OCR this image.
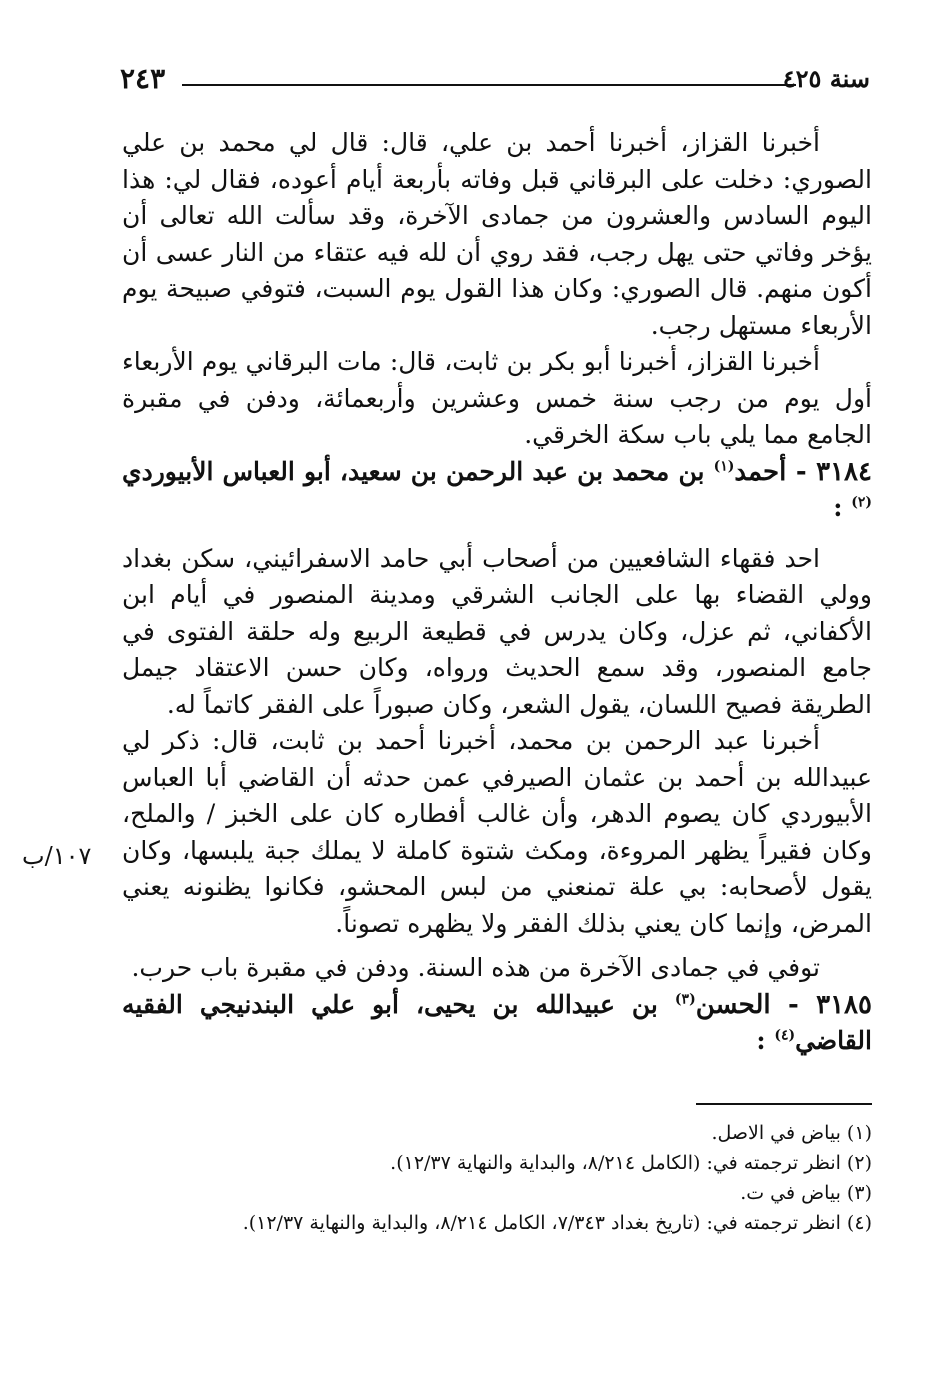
٢٤٣	سنة ٤٢٥

أخبرنا القزاز، أخبرنا أحمد بن علي، قال: قال لي محمد بن علي الصوري: دخلت على البرقاني قبل وفاته بأربعة أيام أعوده، فقال لي: هذا اليوم السادس والعشرون من جمادى الآخرة، وقد سألت الله تعالى أن يؤخر وفاتي حتى يهل رجب، فقد روي أن لله فيه عتقاء من النار عسى أن أكون منهم. قال الصوري: وكان هذا القول يوم السبت، فتوفي صبيحة يوم الأربعاء مستهل رجب.

أخبرنا القزاز، أخبرنا أبو بكر بن ثابت، قال: مات البرقاني يوم الأربعاء أول يوم من رجب سنة خمس وعشرين وأربعمائة، ودفن في مقبرة الجامع مما يلي باب سكة الخرقي.

٣١٨٤ - أحمد$^{(١)}$ بن محمد بن عبد الرحمن بن سعيد، أبو العباس الأبيوردي $^{(٢)}$ :

احد فقهاء الشافعيين من أصحاب أبي حامد الاسفرائيني، سكن بغداد وولي القضاء بها على الجانب الشرقي ومدينة المنصور في أيام ابن الأكفاني، ثم عزل، وكان يدرس في قطيعة الربيع وله حلقة الفتوى في جامع المنصور، وقد سمع الحديث ورواه، وكان حسن الاعتقاد جيمل الطريقة فصيح اللسان، يقول الشعر، وكان صبوراً على الفقر كاتماً له.

أخبرنا عبد الرحمن بن محمد، أخبرنا أحمد بن ثابت، قال: ذكر لي عبيدالله بن أحمد بن عثمان الصيرفي عمن حدثه أن القاضي أبا العباس الأبيوردي كان يصوم الدهر، وأن غالب أفطاره كان على الخبز / والملح، وكان فقيراً يظهر المروءة، ومكث شتوة كاملة لا يملك جبة يلبسها، وكان يقول لأصحابه: بي علة تمنعني من لبس المحشو، فكانوا يظنونه يعني المرض، وإنما كان يعني بذلك الفقر ولا يظهره تصوناً.

توفي في جمادى الآخرة من هذه السنة. ودفن في مقبرة باب حرب.

٣١٨٥ - الحسن$^{(٣)}$ بن عبيدالله بن يحيى، أبو علي البندنيجي الفقيه القاضي$^{(٤)}$ :

١٠٧/ب

(١) بياض في الاصل.

(٢) انظر ترجمته في: (الكامل ٨/٢١٤، والبداية والنهاية ١٢/٣٧).

(٣) بياض في ت.

(٤) انظر ترجمته في: (تاريخ بغداد ٧/٣٤٣، الكامل ٨/٢١٤، والبداية والنهاية ١٢/٣٧).
